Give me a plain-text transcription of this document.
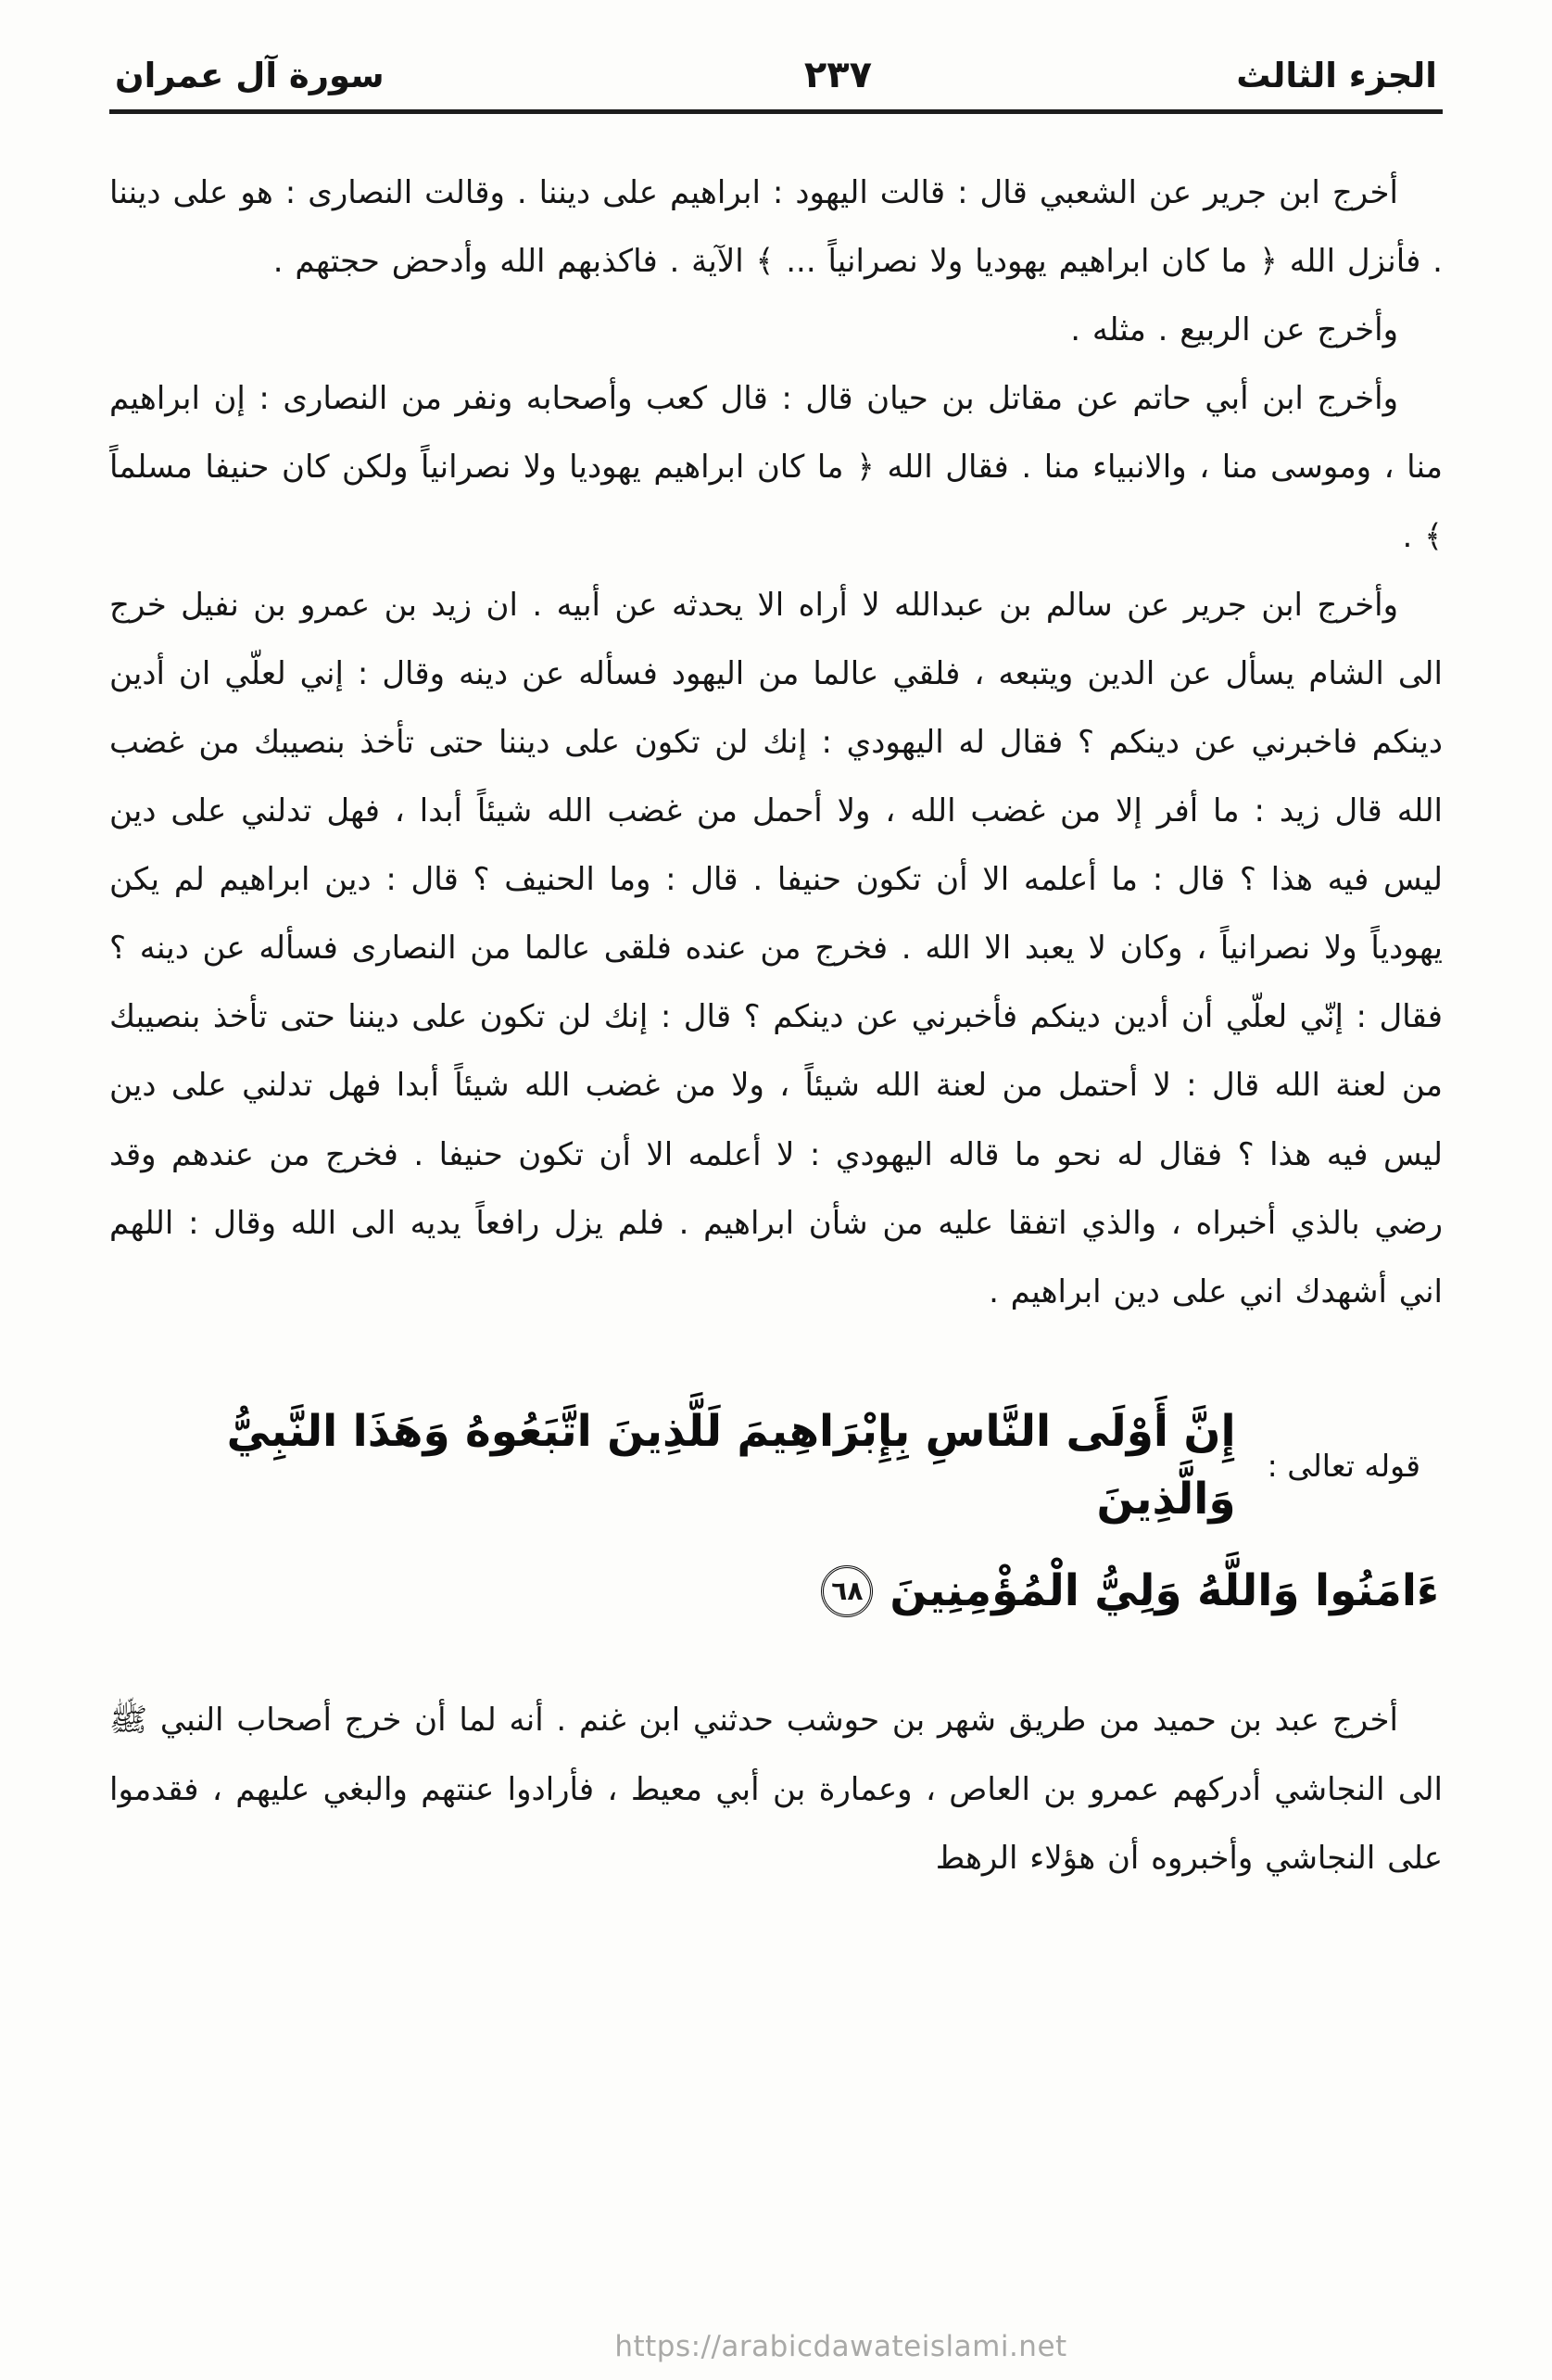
الجزء الثالث
٢٣٧
سورة آل عمران

أخرج ابن جرير عن الشعبي قال : قالت اليهود : ابراهيم على ديننا . وقالت النصارى : هو على ديننا . فأنزل الله ﴿ ما كان ابراهيم يهوديا ولا نصرانياً ... ﴾ الآية . فاكذبهم الله وأدحض حجتهم .

وأخرج عن الربيع . مثله .

وأخرج ابن أبي حاتم عن مقاتل بن حيان قال : قال كعب وأصحابه ونفر من النصارى : إن ابراهيم منا ، وموسى منا ، والانبياء منا . فقال الله ﴿ ما كان ابراهيم يهوديا ولا نصرانياً ولكن كان حنيفا مسلماً ﴾ .

وأخرج ابن جرير عن سالم بن عبدالله لا أراه الا يحدثه عن أبيه . ان زيد بن عمرو بن نفيل خرج الى الشام يسأل عن الدين ويتبعه ، فلقي عالما من اليهود فسأله عن دينه وقال : إني لعلّي ان أدين دينكم فاخبرني عن دينكم ؟ فقال له اليهودي : إنك لن تكون على ديننا حتى تأخذ بنصيبك من غضب الله قال زيد : ما أفر إلا من غضب الله ، ولا أحمل من غضب الله شيئاً أبدا ، فهل تدلني على دين ليس فيه هذا ؟ قال : ما أعلمه الا أن تكون حنيفا . قال : وما الحنيف ؟ قال : دين ابراهيم لم يكن يهودياً ولا نصرانياً ، وكان لا يعبد الا الله . فخرج من عنده فلقى عالما من النصارى فسأله عن دينه ؟ فقال : إنّي لعلّي أن أدين دينكم فأخبرني عن دينكم ؟ قال : إنك لن تكون على ديننا حتى تأخذ بنصيبك من لعنة الله قال : لا أحتمل من لعنة الله شيئاً ، ولا من غضب الله شيئاً أبدا فهل تدلني على دين ليس فيه هذا ؟ فقال له نحو ما قاله اليهودي : لا أعلمه الا أن تكون حنيفا . فخرج من عندهم وقد رضي بالذي أخبراه ، والذي اتفقا عليه من شأن ابراهيم . فلم يزل رافعاً يديه الى الله وقال : اللهم اني أشهدك اني على دين ابراهيم .

قوله تعالى :
إِنَّ أَوْلَى النَّاسِ بِإِبْرَاهِيمَ لَلَّذِينَ اتَّبَعُوهُ وَهَذَا النَّبِيُّ وَالَّذِينَ
ءَامَنُوا وَاللَّهُ وَلِيُّ الْمُؤْمِنِينَ
٦٨

أخرج عبد بن حميد من طريق شهر بن حوشب حدثني ابن غنم . أنه لما أن خرج أصحاب النبي ﷺ الى النجاشي أدركهم عمرو بن العاص ، وعمارة بن أبي معيط ، فأرادوا عنتهم والبغي عليهم ، فقدموا على النجاشي وأخبروه أن هؤلاء الرهط

https://arabicdawateislami.net
